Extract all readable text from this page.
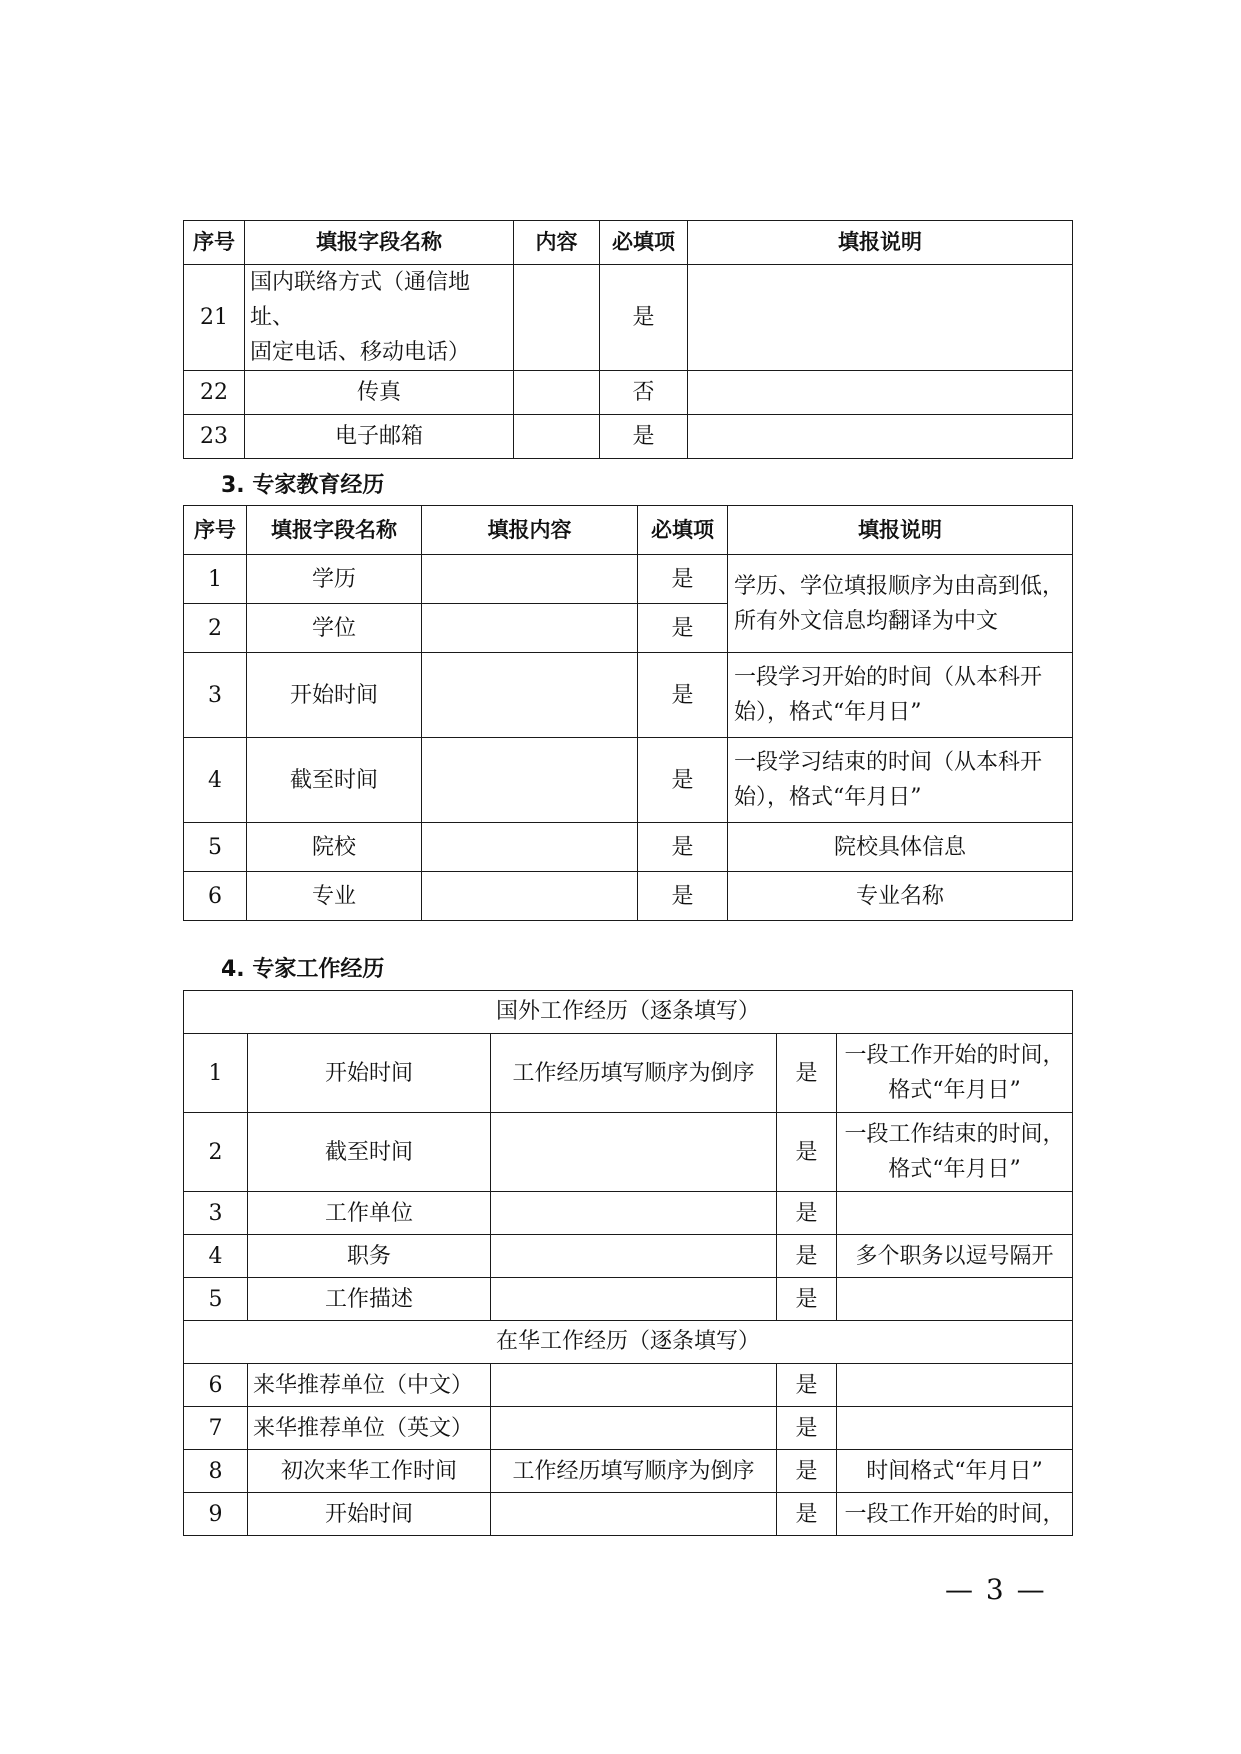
序号	填报字段名称	内容	必填项	填报说明
21	国内联络方式（通信地址、
固定电话、移动电话）		是	
22	传真		否	
23	电子邮箱		是	
3. 专家教育经历
序号	填报字段名称	填报内容	必填项	填报说明
1	学历		是	学历、学位填报顺序为由高到低，
所有外文信息均翻译为中文

2	学位		是	
3	开始时间		是	一段学习开始的时间（从本科开
始），格式“年月日”

4	截至时间		是	一段学习结束的时间（从本科开
始），格式“年月日”

5	院校		是	院校具体信息
6	专业		是	专业名称
4. 专家工作经历
国外工作经历（逐条填写）				
1	开始时间	工作经历填写顺序为倒序	是	一段工作开始的时间，
格式“年月日”

2	截至时间		是	一段工作结束的时间，
格式“年月日”

3	工作单位		是	
4	职务		是	多个职务以逗号隔开
5	工作描述		是	
在华工作经历（逐条填写）				
6	来华推荐单位（中文）		是	
7	来华推荐单位（英文）		是	
8	初次来华工作时间	工作经历填写顺序为倒序	是	时间格式“年月日”
9	开始时间		是	一段工作开始的时间，
— 3 —
